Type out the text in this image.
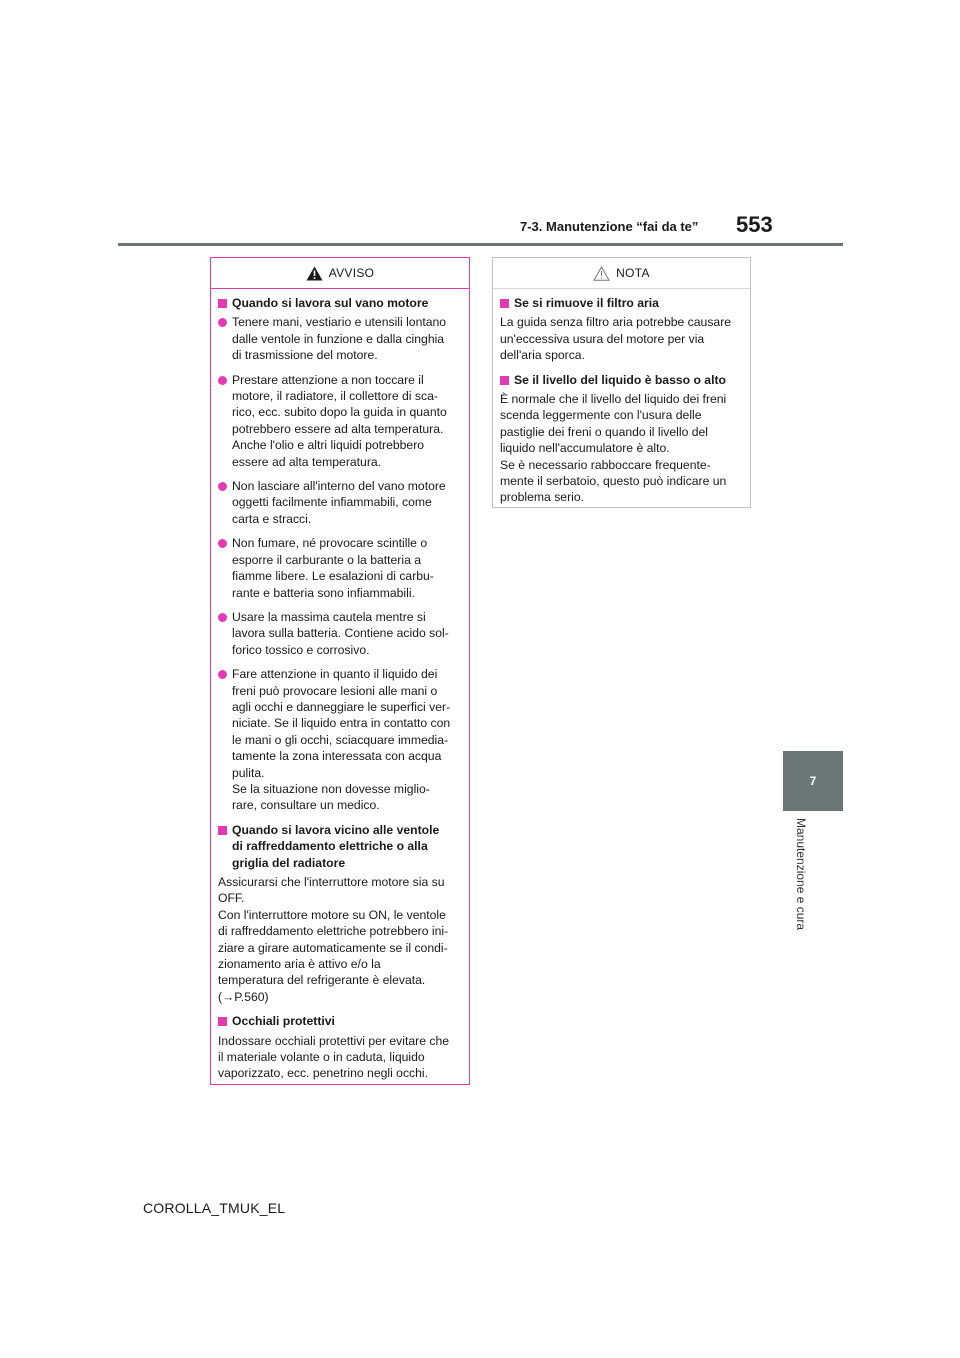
7-3. Manutenzione “fai da te” 553
7
Manutenzione e cura
AVVISO
Quando si lavora sul vano motore
Tenere mani, vestiario e utensili lontano
dalle ventole in funzione e dalla cinghia
di trasmissione del motore.
Prestare attenzione a non toccare il
motore, il radiatore, il collettore di sca-
rico, ecc. subito dopo la guida in quanto
potrebbero essere ad alta temperatura.
Anche l'olio e altri liquidi potrebbero
essere ad alta temperatura.
Non lasciare all'interno del vano motore
oggetti facilmente infiammabili, come
carta e stracci.
Non fumare, né provocare scintille o
esporre il carburante o la batteria a
fiamme libere. Le esalazioni di carbu-
rante e batteria sono infiammabili.
Usare la massima cautela mentre si
lavora sulla batteria. Contiene acido sol-
forico tossico e corrosivo.
Fare attenzione in quanto il liquido dei
freni può provocare lesioni alle mani o
agli occhi e danneggiare le superfici ver-
niciate. Se il liquido entra in contatto con
le mani o gli occhi, sciacquare immedia-
tamente la zona interessata con acqua
pulita.
Se la situazione non dovesse miglio-
rare, consultare un medico.
Quando si lavora vicino alle ventole
di raffreddamento elettriche o alla
griglia del radiatore
Assicurarsi che l'interruttore motore sia su
OFF.
Con l'interruttore motore su ON, le ventole
di raffreddamento elettriche potrebbero ini-
ziare a girare automaticamente se il condi-
zionamento aria è attivo e/o la
temperatura del refrigerante è elevata.
(→P.560)
Occhiali protettivi
Indossare occhiali protettivi per evitare che
il materiale volante o in caduta, liquido
vaporizzato, ecc. penetrino negli occhi.
NOTA
Se si rimuove il filtro aria
La guida senza filtro aria potrebbe causare
un'eccessiva usura del motore per via
dell'aria sporca.
Se il livello del liquido è basso o alto
È normale che il livello del liquido dei freni
scenda leggermente con l'usura delle
pastiglie dei freni o quando il livello del
liquido nell'accumulatore è alto.
Se è necessario rabboccare frequente-
mente il serbatoio, questo può indicare un
problema serio.
COROLLA_TMUK_EL
